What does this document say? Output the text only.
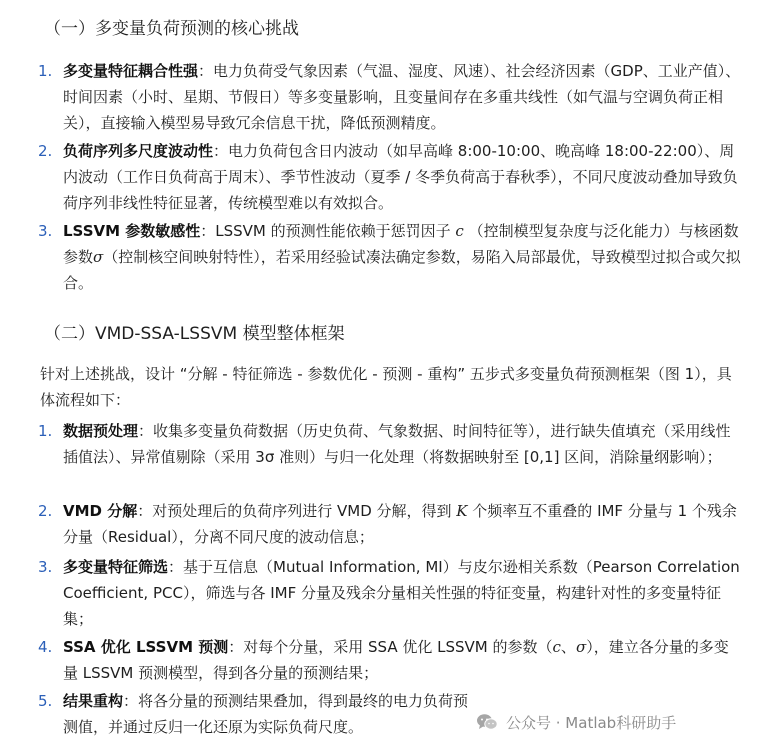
（一）多变量负荷预测的核心挑战
1. 多变量特征耦合性强：电力负荷受气象因素（气温、湿度、风速）、社会经济因素（GDP、工业产值）、时间因素（小时、星期、节假日）等多变量影响，且变量间存在多重共线性（如气温与空调负荷正相关），直接输入模型易导致冗余信息干扰，降低预测精度。
2. 负荷序列多尺度波动性：电力负荷包含日内波动（如早高峰 8:00-10:00、晚高峰 18:00-22:00）、周内波动（工作日负荷高于周末）、季节性波动（夏季 / 冬季负荷高于春秋季），不同尺度波动叠加导致负荷序列非线性特征显著，传统模型难以有效拟合。
3. LSSVM 参数敏感性：LSSVM 的预测性能依赖于惩罚因子 c （控制模型复杂度与泛化能力）与核函数参数σ（控制核空间映射特性），若采用经验试凑法确定参数，易陷入局部最优，导致模型过拟合或欠拟合。
（二）VMD-SSA-LSSVM 模型整体框架
针对上述挑战，设计 “分解 - 特征筛选 - 参数优化 - 预测 - 重构” 五步式多变量负荷预测框架（图 1），具体流程如下：
1. 数据预处理：收集多变量负荷数据（历史负荷、气象数据、时间特征等），进行缺失值填充（采用线性插值法）、异常值剔除（采用 3σ 准则）与归一化处理（将数据映射至 [0,1] 区间，消除量纲影响）；
2. VMD 分解：对预处理后的负荷序列进行 VMD 分解，得到 K 个频率互不重叠的 IMF 分量与 1 个残余分量（Residual），分离不同尺度的波动信息；
3. 多变量特征筛选：基于互信息（Mutual Information, MI）与皮尔逊相关系数（Pearson Correlation Coefficient, PCC），筛选与各 IMF 分量及残余分量相关性强的特征变量，构建针对性的多变量特征集；
4. SSA 优化 LSSVM 预测：对每个分量，采用 SSA 优化 LSSVM 的参数（c、σ），建立各分量的多变量 LSSVM 预测模型，得到各分量的预测结果；
5. 结果重构：将各分量的预测结果叠加，得到最终的电力负荷预测值，并通过反归一化还原为实际负荷尺度。	公众号 · Matlab科研助手
